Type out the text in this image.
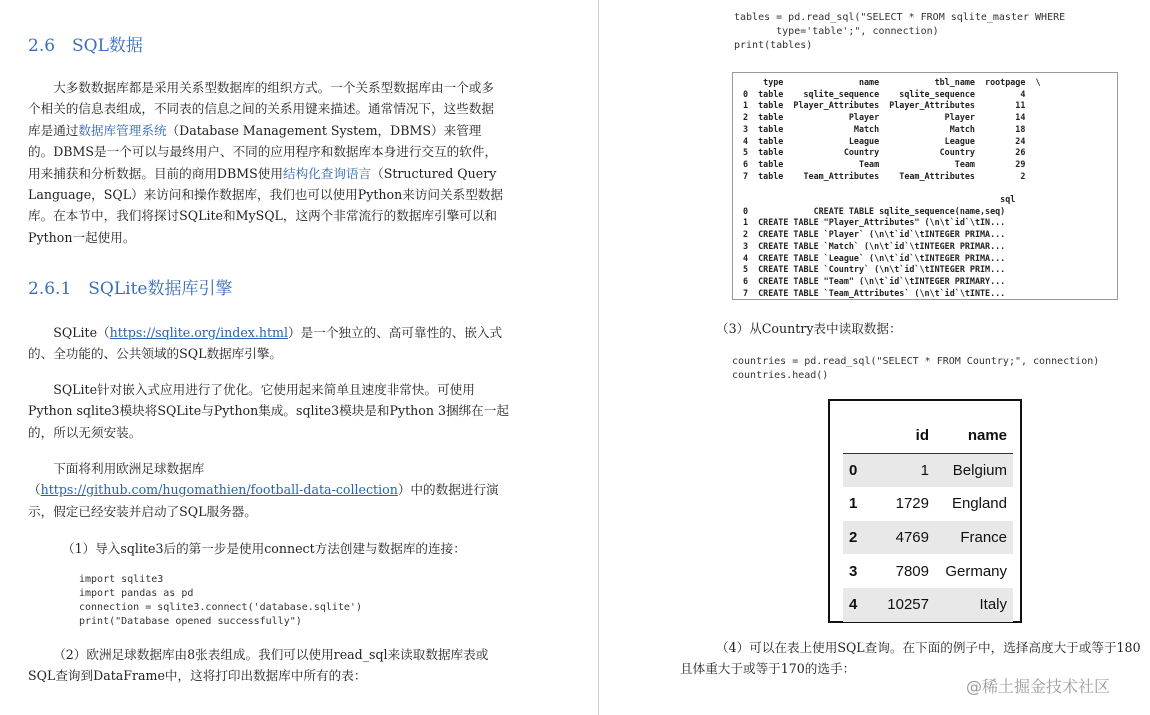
2.6　SQL数据

大多数数据库都是采用关系型数据库的组织方式。一个关系型数据库由一个或多个相关的信息表组成，不同表的信息之间的关系用键来描述。通常情况下，这些数据库是通过数据库管理系统（Database Management System，DBMS）来管理的。DBMS是一个可以与最终用户、不同的应用程序和数据库本身进行交互的软件，用来捕获和分析数据。目前的商用DBMS使用结构化查询语言（Structured Query Language，SQL）来访问和操作数据库，我们也可以使用Python来访问关系型数据库。在本节中，我们将探讨SQLite和MySQL，这两个非常流行的数据库引擎可以和Python一起使用。

2.6.1　SQLite数据库引擎

SQLite（https://sqlite.org/index.html）是一个独立的、高可靠性的、嵌入式的、全功能的、公共领域的SQL数据库引擎。

SQLite针对嵌入式应用进行了优化。它使用起来简单且速度非常快。可使用Python sqlite3模块将SQLite与Python集成。sqlite3模块是和Python 3捆绑在一起的，所以无须安装。

下面将利用欧洲足球数据库
（https://github.com/hugomathien/football-data-collection）中的数据进行演示，假定已经安装并启动了SQL服务器。

（1）导入sqlite3后的第一步是使用connect方法创建与数据库的连接：

import sqlite3
import pandas as pd
connection = sqlite3.connect('database.sqlite')
print("Database opened successfully")

（2）欧洲足球数据库由8张表组成。我们可以使用read_sql来读取数据库表或SQL查询到DataFrame中，这将打印出数据库中所有的表：

tables = pd.read_sql("SELECT * FROM sqlite_master WHERE
type='table';", connection)
print(tables)
type               name           tbl_name  rootpage  \
0  table    sqlite_sequence    sqlite_sequence         4
1  table  Player_Attributes  Player_Attributes        11
2  table             Player             Player        14
3  table              Match              Match        18
4  table             League             League        24
5  table            Country            Country        26
6  table               Team               Team        29
7  table    Team_Attributes    Team_Attributes         2

sql
0             CREATE TABLE sqlite_sequence(name,seq)
1  CREATE TABLE "Player_Attributes" (\n\t`id`\tIN...
2  CREATE TABLE `Player` (\n\t`id`\tINTEGER PRIMA...
3  CREATE TABLE `Match` (\n\t`id`\tINTEGER PRIMAR...
4  CREATE TABLE `League` (\n\t`id`\tINTEGER PRIMA...
5  CREATE TABLE `Country` (\n\t`id`\tINTEGER PRIM...
6  CREATE TABLE "Team" (\n\t`id`\tINTEGER PRIMARY...
7  CREATE TABLE `Team_Attributes` (\n\t`id`\tINTE...

（3）从Country表中读取数据：

countries = pd.read_sql("SELECT * FROM Country;", connection)
countries.head()
	id	name
0	1	Belgium
1	1729	England
2	4769	France
3	7809	Germany
4	10257	Italy

（4）可以在表上使用SQL查询。在下面的例子中，选择高度大于或等于180且体重大于或等于170的选手：

@稀土掘金技术社区
